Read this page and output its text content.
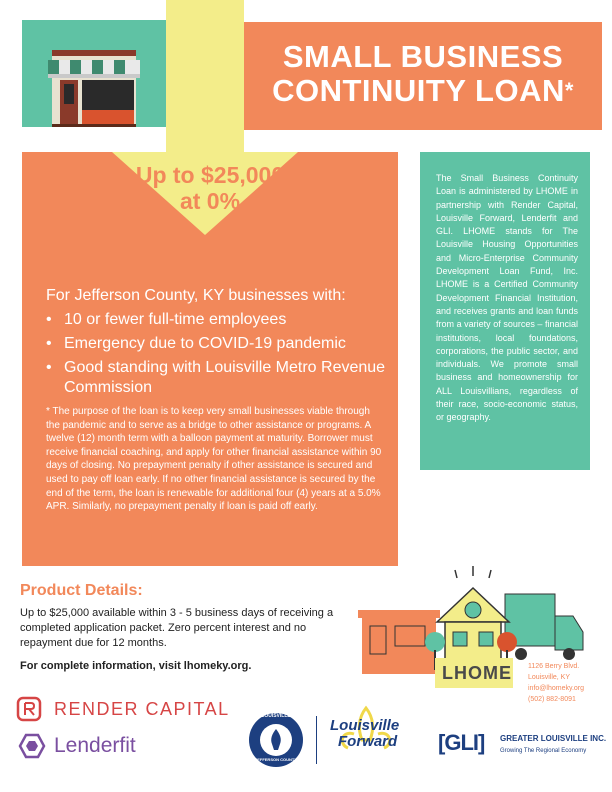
SMALL BUSINESS
CONTINUITY LOAN*
Up to $25,000
at 0%
For Jefferson County, KY businesses with:
• 10 or fewer full-time employees
• Emergency due to COVID-19 pandemic
• Good standing with Louisville Metro Revenue Commission
* The purpose of the loan is to keep very small businesses viable through the pandemic and to serve as a bridge to other assistance or programs. A twelve (12) month term with a balloon payment at maturity. Borrower must receive financial coaching, and apply for other financial assistance within 90 days of closing. No prepayment penalty if other assistance is secured and used to pay off loan early. If no other financial assistance is secured by the end of the term, the loan is renewable for additional four (4) years at a 5.0% APR. Similarly, no prepayment penalty if loan is paid off early.
The Small Business Continuity Loan is administered by LHOME in partnership with Render Capital, Louisville Forward, Lenderfit and GLI. LHOME stands for The Louisville Housing Opportunities and Micro-Enterprise Community Development Loan Fund, Inc. LHOME is a Certified Community Development Financial Institution, and receives grants and loan funds from a variety of sources – financial institutions, local foundations, corporations, the public sector, and individuals. We promote small business and homeownership for ALL Louisvillians, regardless of their race, socio-economic status, or geography.
Product Details:
Up to $25,000 available within 3 - 5 business days of receiving a completed application packet. Zero percent interest and no repayment due for 12 months.
For complete information, visit lhomeky.org.
RENDER CAPITAL
Lenderfit
LOUISVILLE
JEFFERSON COUNTY
Louisville
Forward
LHOME	1126 Berry Blvd.
Louisville, KY
info@lhomeky.org
(502) 882-8091
[GLI] GREATER LOUISVILLE INC.
Growing The Regional Economy
